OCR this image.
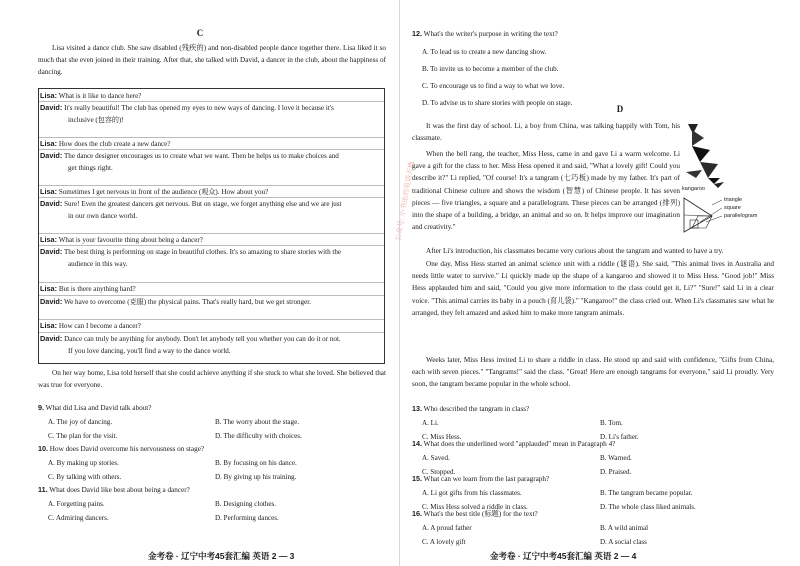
C
Lisa visited a dance club. She saw disabled (残疾的) and non-disabled people dance together there. Lisa liked it so much that she even joined in their training. After that, she talked with David, a dancer in the club, about the happiness of dancing.
Lisa: What is it like to dance here?
David: It's really beautiful! The club has opened my eyes to new ways of dancing. I love it because it's
inclusive (包容的)!
Lisa: How does the club create a new dance?
David: The dance designer encourages us to create what we want. Then he helps us to make choices and
get things right.
Lisa: Sometimes I get nervous in front of the audience (观众). How about you?
David: Sure! Even the greatest dancers get nervous. But on stage, we forget anything else and we are just
in our own dance world.
Lisa: What is your favourite thing about being a dancer?
David: The best thing is performing on stage in beautiful clothes. It's so amazing to share stories with the
audience in this way.
Lisa: But is there anything hard?
David: We have to overcome (克服) the physical pains. That's really hard, but we get stronger.
Lisa: How can I become a dancer?
David: Dance can truly be anything for anybody. Don't let anybody tell you whether you can do it or not.
If you love dancing, you'll find a way to the dance world.
On her way home, Lisa told herself that she could achieve anything if she stuck to what she loved. She believed that was true for everyone.
9. What did Lisa and David talk about?
A. The joy of dancing.	B. The worry about the stage.
C. The plan for the visit.	D. The difficulty with choices.
10. How does David overcome his nervousness on stage?
A. By making up stories.	B. By focusing on his dance.
C. By talking with others.	D. By giving up his training.
11. What does David like best about being a dancer?
A. Forgetting pains.	B. Designing clothes.
C. Admiring dancers.	D. Performing dances.
金考卷 · 辽宁中考45套汇编 英语 2 — 3
12. What's the writer's purpose in writing the text?
A. To lead us to create a new dancing show.
B. To invite us to become a member of the club.
C. To encourage us to find a way to what we love.
D. To advise us to share stories with people on stage.
D
It was the first day of school. Li, a boy from China, was talking happily with Tom, his classmate.
When the bell rang, the teacher, Miss Hess, came in and gave Li a warm welcome. Li gave a gift for the class to her. Miss Hess opened it and said, "What a lovely gift! Could you describe it?" Li replied, "Of course! It's a tangram (七巧板) made by my father. It's part of traditional Chinese culture and shows the wisdom (智慧) of Chinese people. It has seven pieces — five triangles, a square and a parallelogram. These pieces can be arranged (排列) into the shape of a building, a bridge, an animal and so on. It helps improve our imagination and creativity."
After Li's introduction, his classmates became very curious about the tangram and wanted to have a try.
One day, Miss Hess started an animal science unit with a riddle (谜语). She said, "This animal lives in Australia and needs little water to survive." Li quickly made up the shape of a kangaroo and showed it to Miss Hess. "Good job!" Miss Hess applauded him and said, "Could you give more information to the class could get it, Li?" "Sure!" said Li in a clear voice. "This animal carries its baby in a pouch (育儿袋)." "Kangaroo!" the class cried out. When Li's classmates saw what he arranged, they felt amazed and asked him to make more tangram animals.
Weeks later, Miss Hess invited Li to share a riddle in class. He stood up and said with confidence, "Gifts from China, each with seven pieces." "Tangrams!" said the class. "Great! Here are enough tangrams for everyone," said Li proudly. Very soon, the tangram became popular in the whole school.
13. Who described the tangram in class?
A. Li.	B. Tom.
C. Miss Hess.	D. Li's father.
14. What does the underlined word "applauded" mean in Paragraph 4?
A. Saved.	B. Warned.
C. Stopped.	D. Praised.
15. What can we learn from the last paragraph?
A. Li got gifts from his classmates.	B. The tangram became popular.
C. Miss Hess solved a riddle in class.	D. The whole class liked animals.
16. What's the best title (标题) for the text?
A. A proud father	B. A wild animal
C. A lovely gift	D. A social class
金考卷 · 辽宁中考45套汇编 英语 2 — 4
kangaroo
triangle
square
parallelogram
公众号: 小书虫的英语天地
